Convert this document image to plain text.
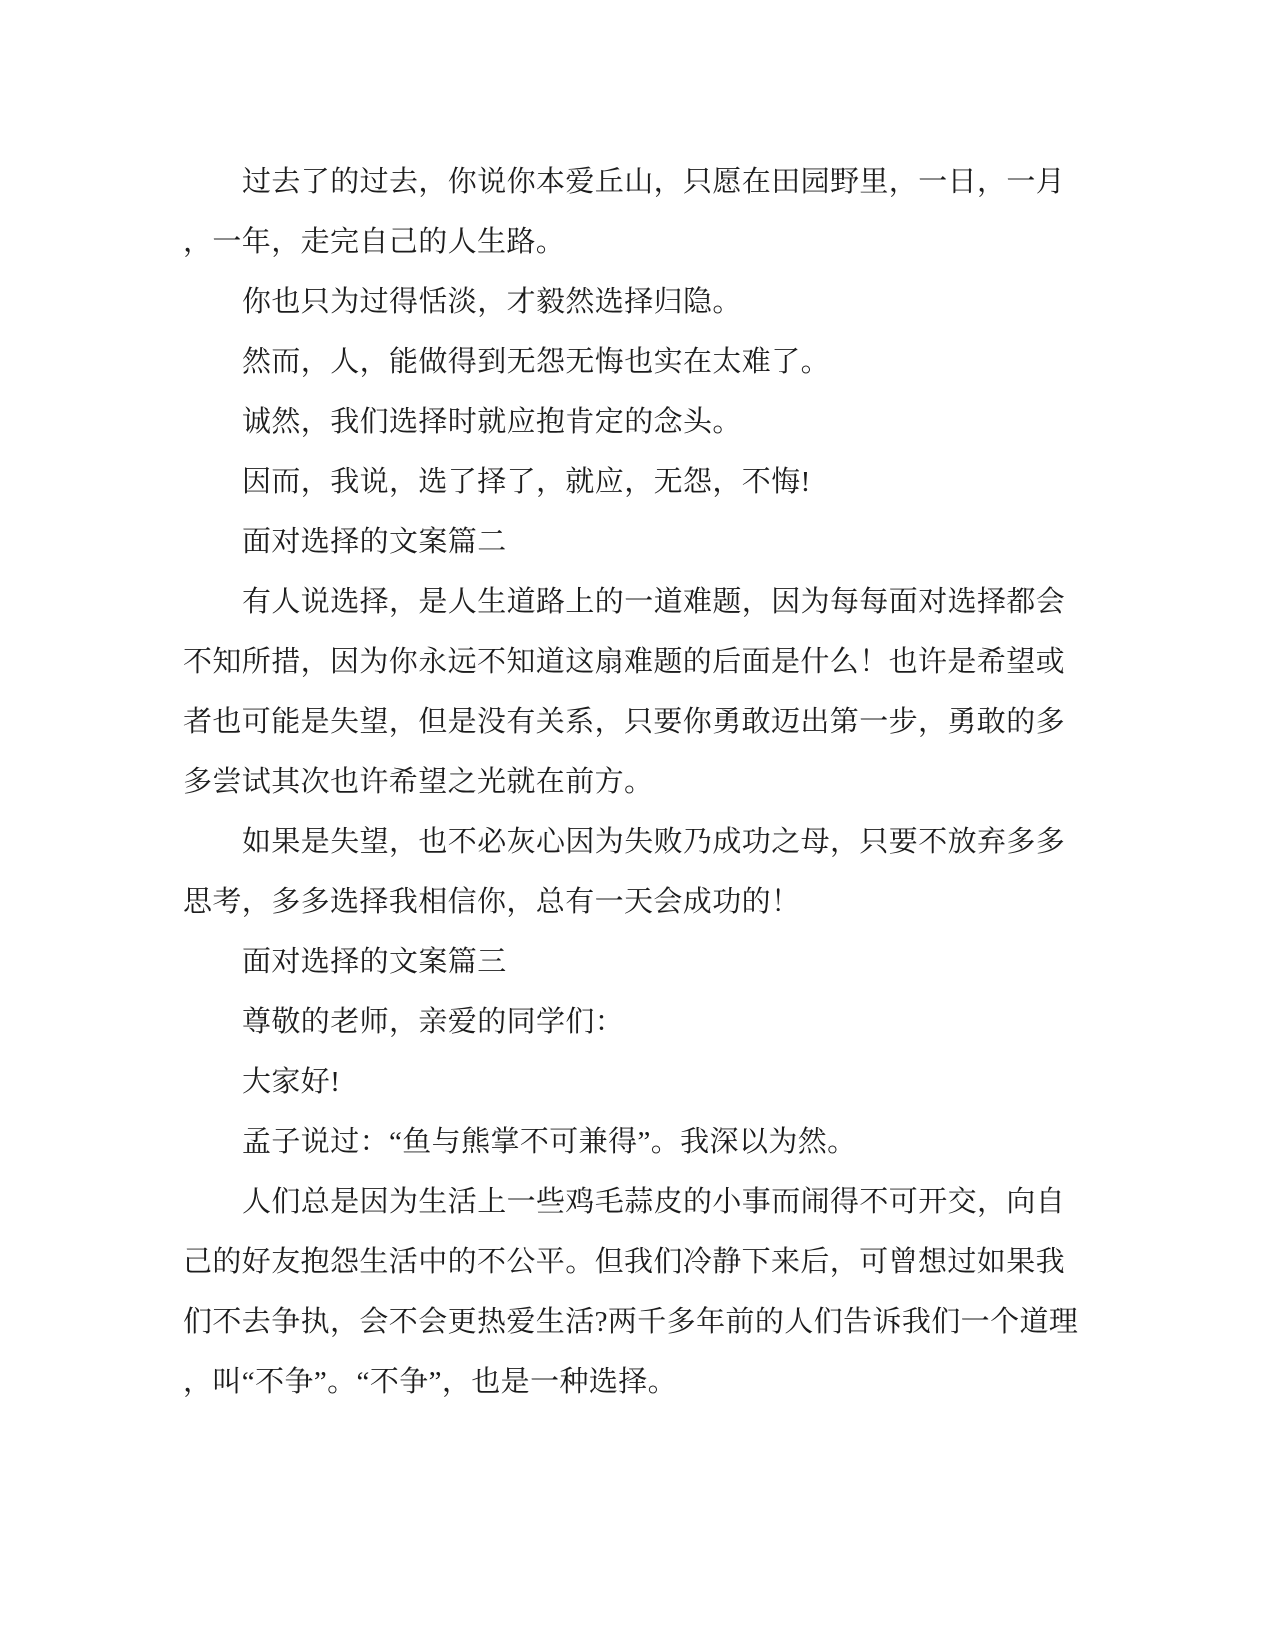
过去了的过去，你说你本爱丘山，只愿在田园野里，一日，一月
，一年，走完自己的人生路。
你也只为过得恬淡，才毅然选择归隐。
然而，人，能做得到无怨无悔也实在太难了。
诚然，我们选择时就应抱肯定的念头。
因而，我说，选了择了，就应，无怨，不悔!
面对选择的文案篇二
有人说选择，是人生道路上的一道难题，因为每每面对选择都会
不知所措，因为你永远不知道这扇难题的后面是什么！也许是希望或
者也可能是失望，但是没有关系，只要你勇敢迈出第一步，勇敢的多
多尝试其次也许希望之光就在前方。
如果是失望，也不必灰心因为失败乃成功之母，只要不放弃多多
思考，多多选择我相信你，总有一天会成功的！
面对选择的文案篇三
尊敬的老师，亲爱的同学们：
大家好!
孟子说过：“鱼与熊掌不可兼得”。我深以为然。
人们总是因为生活上一些鸡毛蒜皮的小事而闹得不可开交，向自
己的好友抱怨生活中的不公平。但我们冷静下来后，可曾想过如果我
们不去争执，会不会更热爱生活?两千多年前的人们告诉我们一个道理
，叫“不争”。“不争”，也是一种选择。
